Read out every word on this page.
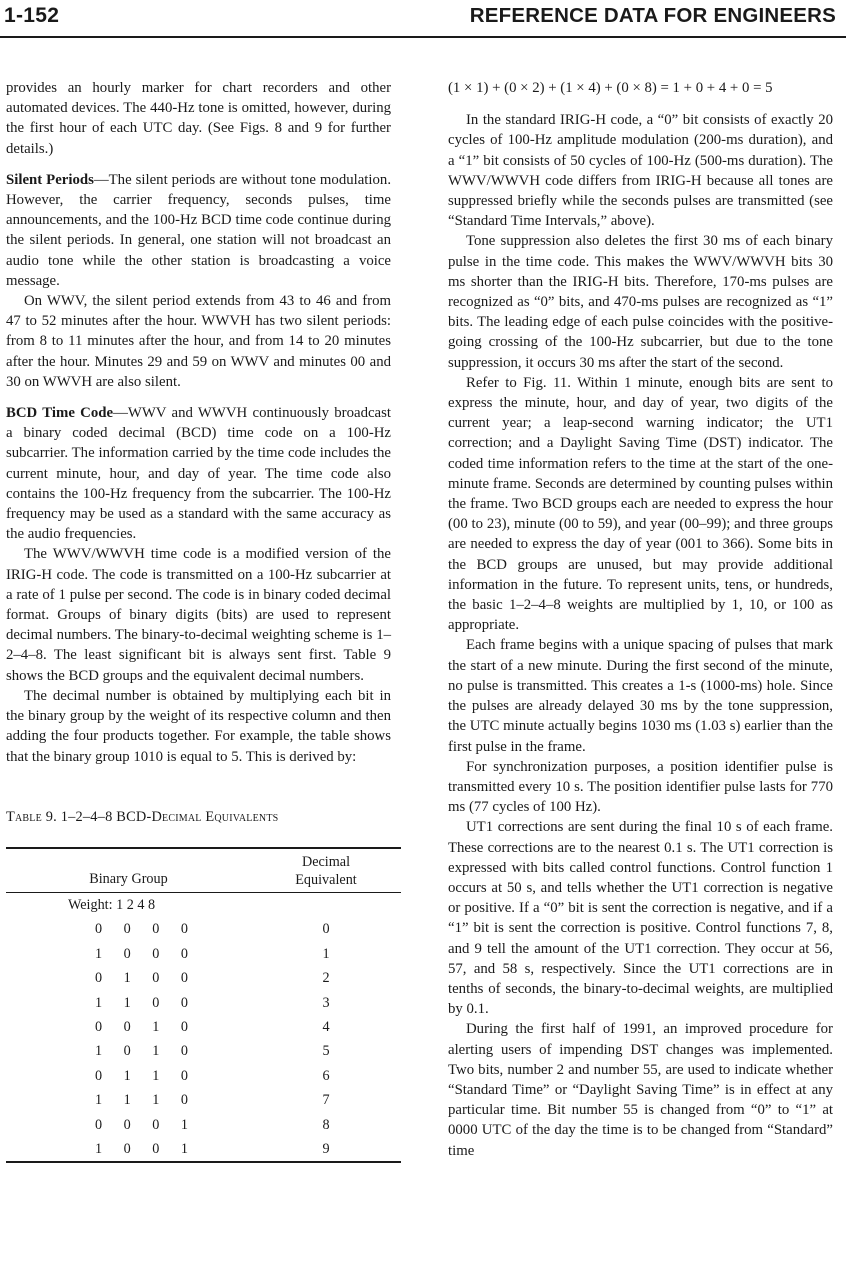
1-152	REFERENCE DATA FOR ENGINEERS

provides an hourly marker for chart recorders and other automated devices. The 440-Hz tone is omitted, however, during the first hour of each UTC day. (See Figs. 8 and 9 for further details.)

Silent Periods—The silent periods are without tone modulation. However, the carrier frequency, seconds pulses, time announcements, and the 100-Hz BCD time code continue during the silent periods. In general, one station will not broadcast an audio tone while the other station is broadcasting a voice message.

On WWV, the silent period extends from 43 to 46 and from 47 to 52 minutes after the hour. WWVH has two silent periods: from 8 to 11 minutes after the hour, and from 14 to 20 minutes after the hour. Minutes 29 and 59 on WWV and minutes 00 and 30 on WWVH are also silent.

BCD Time Code—WWV and WWVH continuously broadcast a binary coded decimal (BCD) time code on a 100-Hz subcarrier. The information carried by the time code includes the current minute, hour, and day of year. The time code also contains the 100-Hz frequency from the subcarrier. The 100-Hz frequency may be used as a standard with the same accuracy as the audio frequencies.

The WWV/WWVH time code is a modified version of the IRIG-H code. The code is transmitted on a 100-Hz subcarrier at a rate of 1 pulse per second. The code is in binary coded decimal format. Groups of binary digits (bits) are used to represent decimal numbers. The binary-to-decimal weighting scheme is 1–2–4–8. The least significant bit is always sent first. Table 9 shows the BCD groups and the equivalent decimal numbers.

The decimal number is obtained by multiplying each bit in the binary group by the weight of its respective column and then adding the four products together. For example, the table shows that the binary group 1010 is equal to 5. This is derived by:

Table 9. 1–2–4–8 BCD-Decimal Equivalents

Binary Group	Decimal
Equivalent
Weight: 1 2 4 8	
0 0 0 0	0
1 0 0 0	1
0 1 0 0	2
1 1 0 0	3
0 0 1 0	4
1 0 1 0	5
0 1 1 0	6
1 1 1 0	7
0 0 0 1	8
1 0 0 1	9

(1 × 1) + (0 × 2) + (1 × 4) + (0 × 8) = 1 + 0 + 4 + 0 = 5

In the standard IRIG-H code, a “0” bit consists of exactly 20 cycles of 100-Hz amplitude modulation (200-ms duration), and a “1” bit consists of 50 cycles of 100-Hz (500-ms duration). The WWV/WWVH code differs from IRIG-H because all tones are suppressed briefly while the seconds pulses are transmitted (see “Standard Time Intervals,” above).

Tone suppression also deletes the first 30 ms of each binary pulse in the time code. This makes the WWV/WWVH bits 30 ms shorter than the IRIG-H bits. Therefore, 170-ms pulses are recognized as “0” bits, and 470-ms pulses are recognized as “1” bits. The leading edge of each pulse coincides with the positive-going crossing of the 100-Hz subcarrier, but due to the tone suppression, it occurs 30 ms after the start of the second.

Refer to Fig. 11. Within 1 minute, enough bits are sent to express the minute, hour, and day of year, two digits of the current year; a leap-second warning indicator; the UT1 correction; and a Daylight Saving Time (DST) indicator. The coded time information refers to the time at the start of the one-minute frame. Seconds are determined by counting pulses within the frame. Two BCD groups each are needed to express the hour (00 to 23), minute (00 to 59), and year (00–99); and three groups are needed to express the day of year (001 to 366). Some bits in the BCD groups are unused, but may provide additional information in the future. To represent units, tens, or hundreds, the basic 1–2–4–8 weights are multiplied by 1, 10, or 100 as appropriate.

Each frame begins with a unique spacing of pulses that mark the start of a new minute. During the first second of the minute, no pulse is transmitted. This creates a 1-s (1000-ms) hole. Since the pulses are already delayed 30 ms by the tone suppression, the UTC minute actually begins 1030 ms (1.03 s) earlier than the first pulse in the frame.

For synchronization purposes, a position identifier pulse is transmitted every 10 s. The position identifier pulse lasts for 770 ms (77 cycles of 100 Hz).

UT1 corrections are sent during the final 10 s of each frame. These corrections are to the nearest 0.1 s. The UT1 correction is expressed with bits called control functions. Control function 1 occurs at 50 s, and tells whether the UT1 correction is negative or positive. If a “0” bit is sent the correction is negative, and if a “1” bit is sent the correction is positive. Control functions 7, 8, and 9 tell the amount of the UT1 correction. They occur at 56, 57, and 58 s, respectively. Since the UT1 corrections are in tenths of seconds, the binary-to-decimal weights, are multiplied by 0.1.

During the first half of 1991, an improved procedure for alerting users of impending DST changes was implemented. Two bits, number 2 and number 55, are used to indicate whether “Standard Time” or “Daylight Saving Time” is in effect at any particular time. Bit number 55 is changed from “0” to “1” at 0000 UTC of the day the time is to be changed from “Standard” time
